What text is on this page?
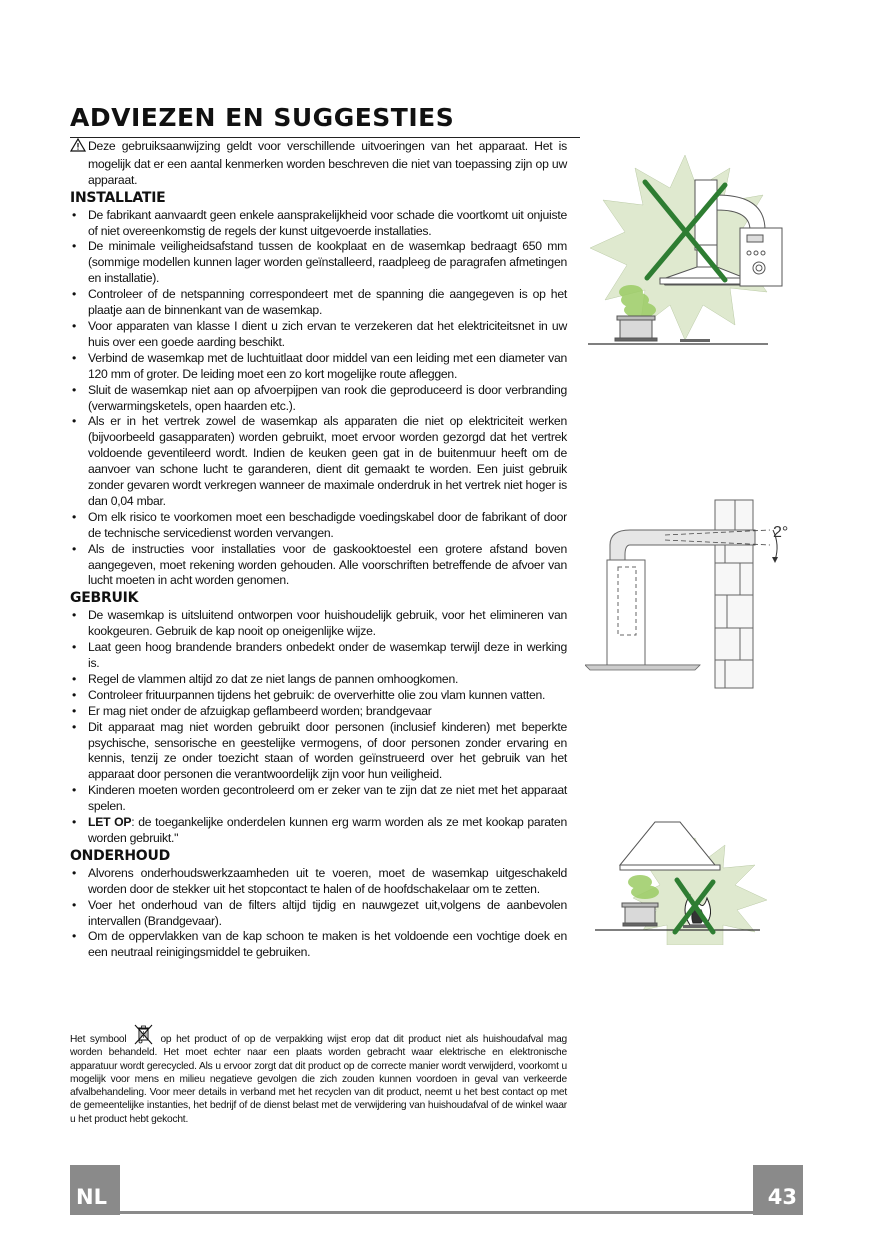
ADVIEZEN EN SUGGESTIES

Deze gebruiksaanwijzing geldt voor verschillende uitvoeringen van het apparaat. Het is mogelijk dat er een aantal kenmerken worden beschreven die niet van toepassing zijn op uw apparaat.

INSTALLATIE
• De fabrikant aanvaardt geen enkele aansprakelijkheid voor schade die voortkomt uit onjuiste of niet overeenkomstig de regels der kunst uitgevoerde installaties.
• De minimale veiligheidsafstand tussen de kookplaat en de wasemkap bedraagt 650 mm (sommige modellen kunnen lager worden geïnstalleerd, raadpleeg de paragrafen afmetingen en installatie).
• Controleer of de netspanning correspondeert met de spanning die aangegeven is op het plaatje aan de binnenkant van de wasemkap.
• Voor apparaten van klasse I dient u zich ervan te verzekeren dat het elektriciteitsnet in uw huis over een goede aarding beschikt.
• Verbind de wasemkap met de luchtuitlaat door middel van een leiding met een diameter van 120 mm of groter. De leiding moet een zo kort mogelijke route afleggen.
• Sluit de wasemkap niet aan op afvoerpijpen van rook die geproduceerd is door verbranding (verwarmingsketels, open haarden etc.).
• Als er in het vertrek zowel de wasemkap als apparaten die niet op elektriciteit werken (bijvoorbeeld gasapparaten) worden gebruikt, moet ervoor worden gezorgd dat het vertrek voldoende geventileerd wordt. Indien de keuken geen gat in de buitenmuur heeft om de aanvoer van schone lucht te garanderen, dient dit gemaakt te worden. Een juist gebruik zonder gevaren wordt verkregen wanneer de maximale onderdruk in het vertrek niet hoger is dan 0,04 mbar.
• Om elk risico te voorkomen moet een beschadigde voedingskabel door de fabrikant of door de technische servicedienst worden vervangen.
• Als de instructies voor installaties voor de gaskooktoestel een grotere afstand boven aangegeven, moet rekening worden gehouden. Alle voorschriften betreffende de afvoer van lucht moeten in acht worden genomen.
GEBRUIK
• De wasemkap is uitsluitend ontworpen voor huishoudelijk gebruik, voor het elimineren van kookgeuren. Gebruik de kap nooit op oneigenlijke wijze.
• Laat geen hoog brandende branders onbedekt onder de wasemkap terwijl deze in werking is.
• Regel de vlammen altijd zo dat ze niet langs de pannen omhoogkomen.
• Controleer frituurpannen tijdens het gebruik: de oververhitte olie zou vlam kunnen vatten.
• Er mag niet onder de afzuigkap geflambeerd worden; brandgevaar
• Dit apparaat mag niet worden gebruikt door personen (inclusief kinderen) met beperkte psychische, sensorische en geestelijke vermogens, of door personen zonder ervaring en kennis, tenzij ze onder toezicht staan of worden geïnstrueerd over het gebruik van het apparaat door personen die verantwoordelijk zijn voor hun veiligheid.
• Kinderen moeten worden gecontroleerd om er zeker van te zijn dat ze niet met het apparaat spelen.
• LET OP: de toegankelijke onderdelen kunnen erg warm worden als ze met kookap paraten worden gebruikt."
ONDERHOUD
• Alvorens onderhoudswerkzaamheden uit te voeren, moet de wasemkap uitgeschakeld worden door de stekker uit het stopcontact te halen of de hoofdschakelaar om te zetten.
• Voer het onderhoud van de filters altijd tijdig en nauwgezet uit,volgens de aanbevolen intervallen (Brandgevaar).
• Om de oppervlakken van de kap schoon te maken is het voldoende een vochtige doek en een neutraal reinigingsmiddel te gebruiken.
Het symbool	op het product of op de verpakking wijst erop dat dit product niet als huishoudafval mag worden behandeld. Het moet echter naar een plaats worden gebracht waar elektrische en elektronische apparatuur wordt gerecycled. Als u ervoor zorgt dat dit product op de correcte manier wordt verwijderd, voorkomt u mogelijk voor mens en milieu negatieve gevolgen die zich zouden kunnen voordoen in geval van verkeerde afvalbehandeling. Voor meer details in verband met het recyclen van dit product, neemt u het best contact op met de gemeentelijke instanties, het bedrijf of de dienst belast met de verwijdering van huishoudafval of de winkel waar u het product hebt gekocht.
2°
NL	43
